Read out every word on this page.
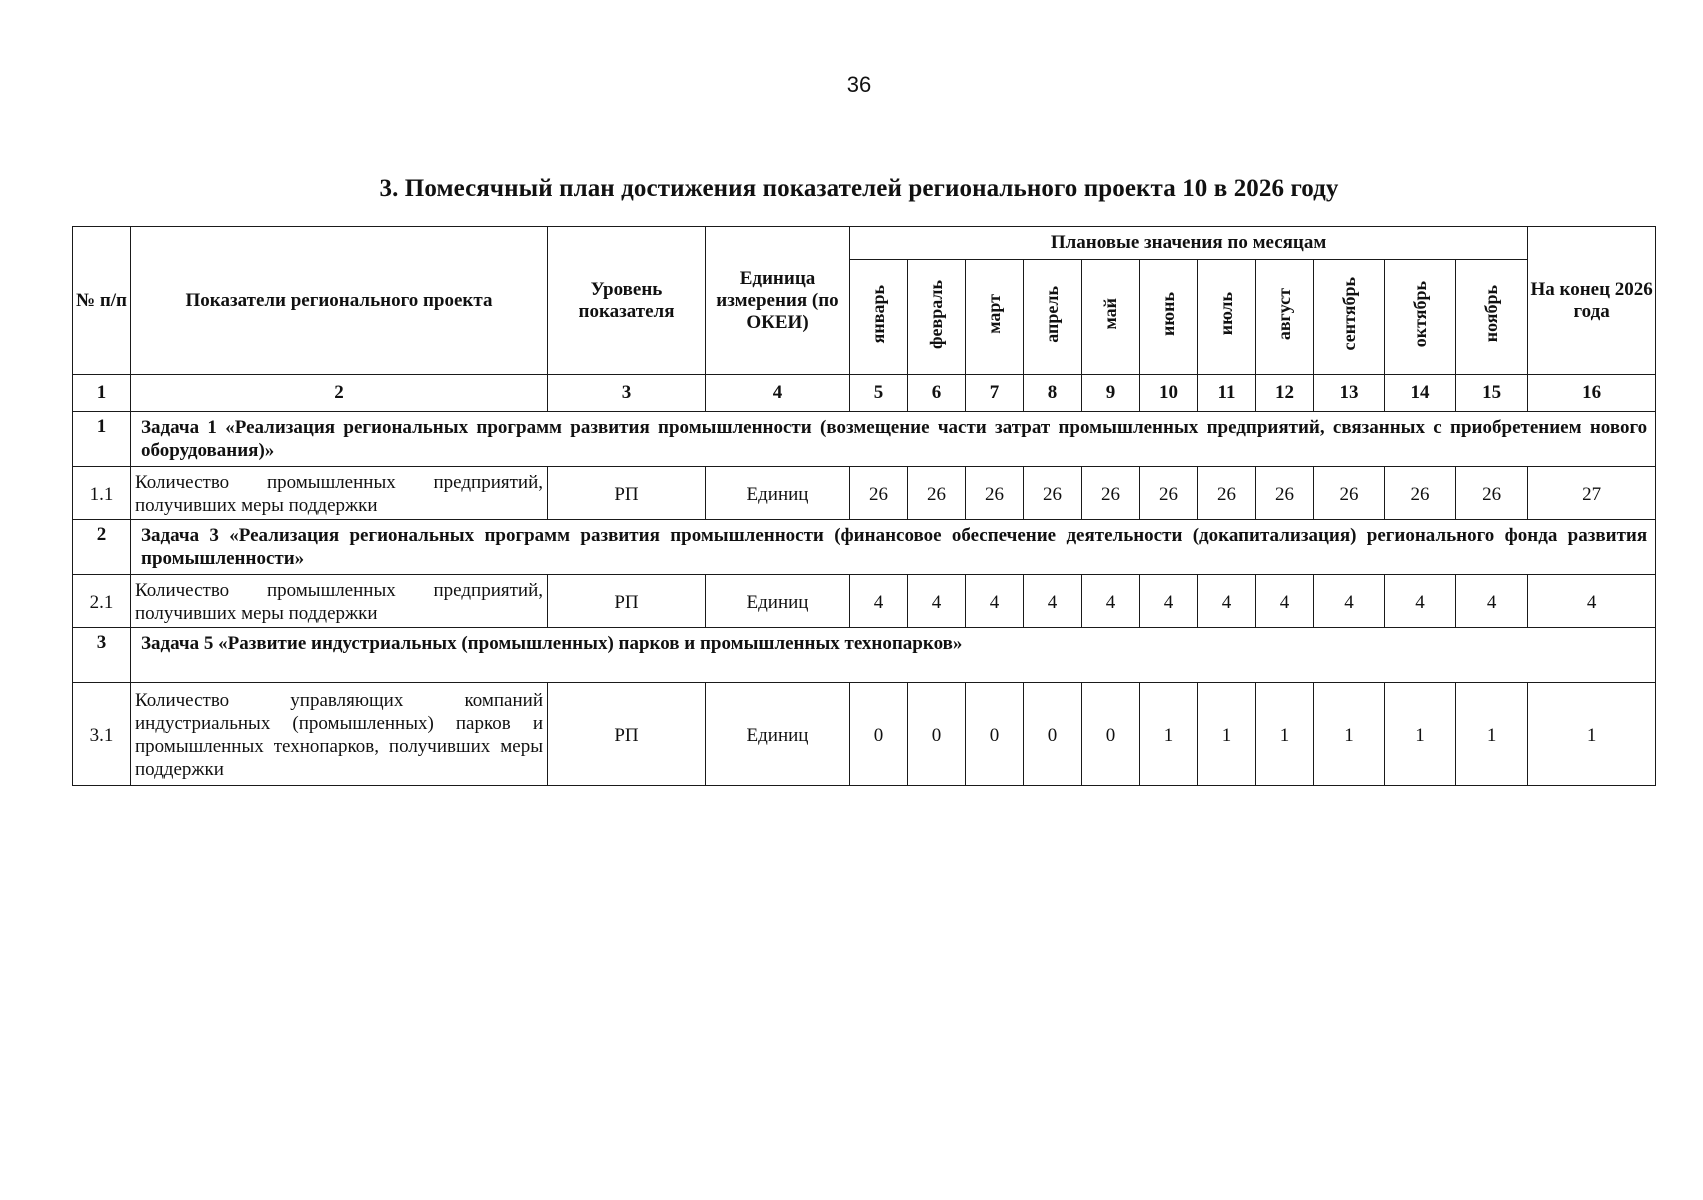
36
3. Помесячный план достижения показателей регионального проекта 10 в 2026 году
№ п/п	Показатели регионального проекта	Уровень показателя	Единица измерения (по ОКЕИ)	Плановые значения по месяцам											На конец 2026 года
				январь	февраль	март	апрель	май	июнь	июль	август	сентябрь	октябрь	ноябрь	
1	2	3	4	5	6	7	8	9	10	11	12	13	14	15	16
1	Задача 1 «Реализация региональных программ развития промышленности (возмещение части затрат промышленных предприятий, связанных с приобретением нового оборудования)»														
1.1	Количество промышленных предприятий, получивших меры поддержки	РП	Единиц	26	26	26	26	26	26	26	26	26	26	26	27
2	Задача 3 «Реализация региональных программ развития промышленности (финансовое обеспечение деятельности (докапитализация) регионального фонда развития промышленности»														
2.1	Количество промышленных предприятий, получивших меры поддержки	РП	Единиц	4	4	4	4	4	4	4	4	4	4	4	4
3	Задача 5 «Развитие индустриальных (промышленных) парков и промышленных технопарков»														
3.1	Количество управляющих компаний индустриальных (промышленных) парков и промышленных технопарков, получивших меры поддержки	РП	Единиц	0	0	0	0	0	1	1	1	1	1	1	1
